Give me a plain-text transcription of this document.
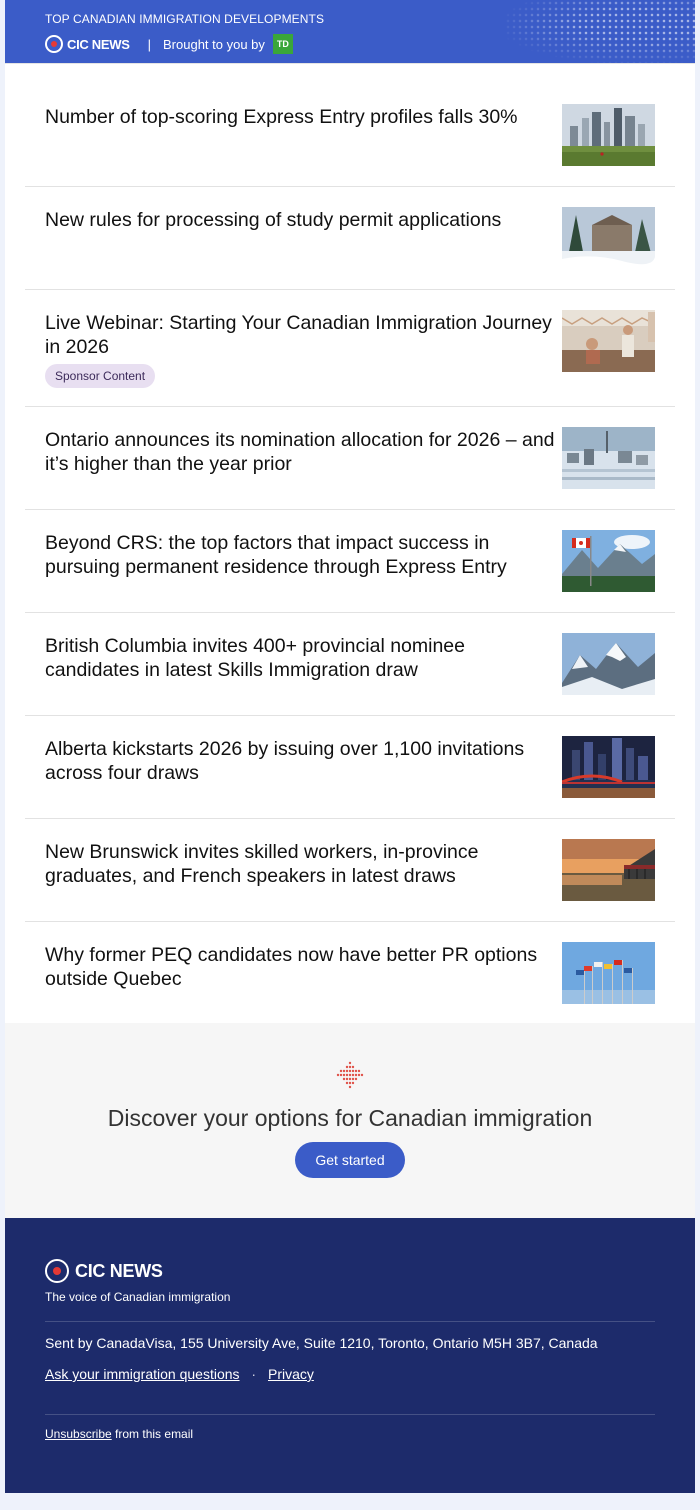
TOP CANADIAN IMMIGRATION DEVELOPMENTS
CIC NEWS | Brought to you by	TD
Number of top-scoring Express Entry profiles falls 30%
New rules for processing of study permit applications
Live Webinar: Starting Your Canadian Immigration Journey in 2026
Sponsor Content
Ontario announces its nomination allocation for 2026 – and it’s higher than the year prior
Beyond CRS: the top factors that impact success in pursuing permanent residence through Express Entry
British Columbia invites 400+ provincial nominee candidates in latest Skills Immigration draw
Alberta kickstarts 2026 by issuing over 1,100 invitations across four draws
New Brunswick invites skilled workers, in-province graduates, and French speakers in latest draws
Why former PEQ candidates now have better PR options outside Quebec
Discover your options for Canadian immigration
Get started
CIC NEWS
The voice of Canadian immigration
Sent by CanadaVisa, 155 University Ave, Suite 1210, Toronto, Ontario M5H 3B7, Canada
Ask your immigration questions · Privacy
Unsubscribe from this email
